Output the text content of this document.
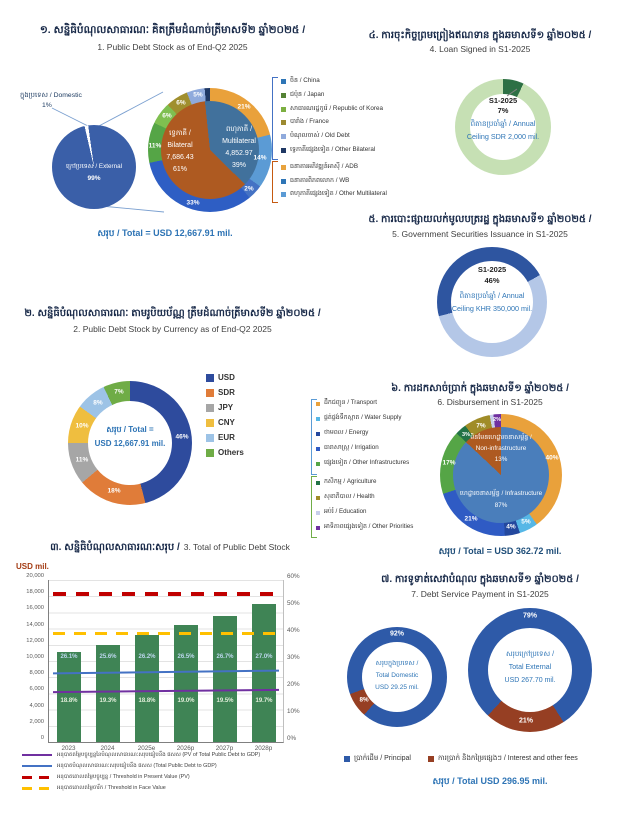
១. សន្និធិបំណុលសាធារណៈ គិតត្រឹមដំណាច់ត្រីមាសទី២ ឆ្នាំ២០២៥ /
1. Public Debt Stock as of End-Q2 2025
ក្នុងប្រទេស / Domestic
1%
ក្រៅប្រទេស / External
99%
ទ្វេភាគី /
Bilateral
7,686.43
61%
ពហុភាគី /
Multilateral
4,852.97
39%
21%
14%
2%
33%
11%
6%
6%
5%
សរុប / Total = USD 12,667.91 mil.
ចិន / China
ជប៉ុន / Japan
សាធារណរដ្ឋកូរ៉េ / Republic of Korea
បារាំង / France
បំណុលចាស់ / Old Debt
ទ្វេភាគីផ្សេងទៀត / Other Bilateral
ធនាគារអភិវឌ្ឍន៍អាស៊ី / ADB
ធនាគារពិភពលោក / WB
ពហុភាគីផ្សេងទៀត / Other Multilateral
៤. ការចុះកិច្ចព្រមព្រៀងឥណទាន ក្នុងឆមាសទី១ ឆ្នាំ២០២៥ /
4. Loan Signed in S1-2025
S1-2025
7%
ពិតានប្រចាំឆ្នាំ / Annual
Ceiling SDR 2,000 mil.
៥. ការបោះផ្សាយលក់មូលបត្ររដ្ឋ ក្នុងឆមាសទី១ ឆ្នាំ២០២៥ /
5. Government Securities Issuance in S1-2025
S1-2025
46%
ពិតានប្រចាំឆ្នាំ / Annual
Ceiling KHR 350,000 mil.
២. សន្និធិបំណុលសាធារណៈ តាមរូបិយប័ណ្ណ ត្រឹមដំណាច់ត្រីមាសទី២ ឆ្នាំ២០២៥ /
2. Public Debt Stock by Currency as of End-Q2 2025
សរុប / Total =
USD 12,667.91 mil.
46%
18%
11%
10%
8%
7%
USD
SDR
JPY
CNY
EUR
Others
៦. ការដកសាច់ប្រាក់ ក្នុងឆមាសទី១ ឆ្នាំ២០២៥ /
6. Disbursement in S1-2025
ដឹកជញ្ជូន / Transport
ផ្គត់ផ្គង់ទឹកស្អាត / Water Supply
ថាមពល / Energy
ធារាសាស្ត្រ / Irrigation
ផ្សេងទៀត / Other Infrastructures
កសិកម្ម / Agriculture
សុខាភិបាល / Health
អប់រំ / Education
អាទិភាពផ្សេងទៀត / Other Priorities
មិនមែនហេដ្ឋារចនាសម្ព័ន្ធ /
Non-infrastructure
13%
ហេដ្ឋារចនាសម្ព័ន្ធ / Infrastructure
87%
40%
5%
4%
21%
17%
3%
7%
2%
សរុប / Total = USD 362.72 mil.
៣. សន្និធិបំណុលសាធារណៈសរុប / 3. Total of Public Debt Stock
USD mil.
20,000
18,000
16,000
14,000
12,000
10,000
8,000
6,000
4,000
2,000
0
60%
50%
40%
30%
20%
10%
0%
26.1%	25.6%	26.2%	26.5%	26.7%	27.0%
18.8%	19.3%	18.8%	19.0%	19.5%	19.7%
2023	2024	2025e	2026p	2027p	2028p
អនុបាតតម្លៃបច្ចុប្បន្ននៃបំណុលសាធារណៈសរុបធៀបនឹង ផសស (PV of Total Public Debt to GDP)
អនុបាតបំណុលសាធារណៈសរុបធៀបនឹង ផសស (Total Public Debt to GDP)
អនុបាតគោលតម្លៃបច្ចុប្បន្ន / Threshold in Present Value (PV)
អនុបាតគោលតម្លៃចារឹក / Threshold in Face Value
៧. ការទូទាត់សេវាបំណុល ក្នុងឆមាសទី១ ឆ្នាំ២០២៥ /
7. Debt Service Payment in S1-2025
92%
8%
សរុបក្នុងប្រទេស /
Total Domestic
USD 29.25 mil.
79%
21%
សរុបក្រៅប្រទេស /
Total External
USD 267.70 mil.
ប្រាក់ដើម / Principal	ការប្រាក់ និងកម្រៃផ្សេងៗ / Interest and other fees
សរុប / Total USD 296.95 mil.
